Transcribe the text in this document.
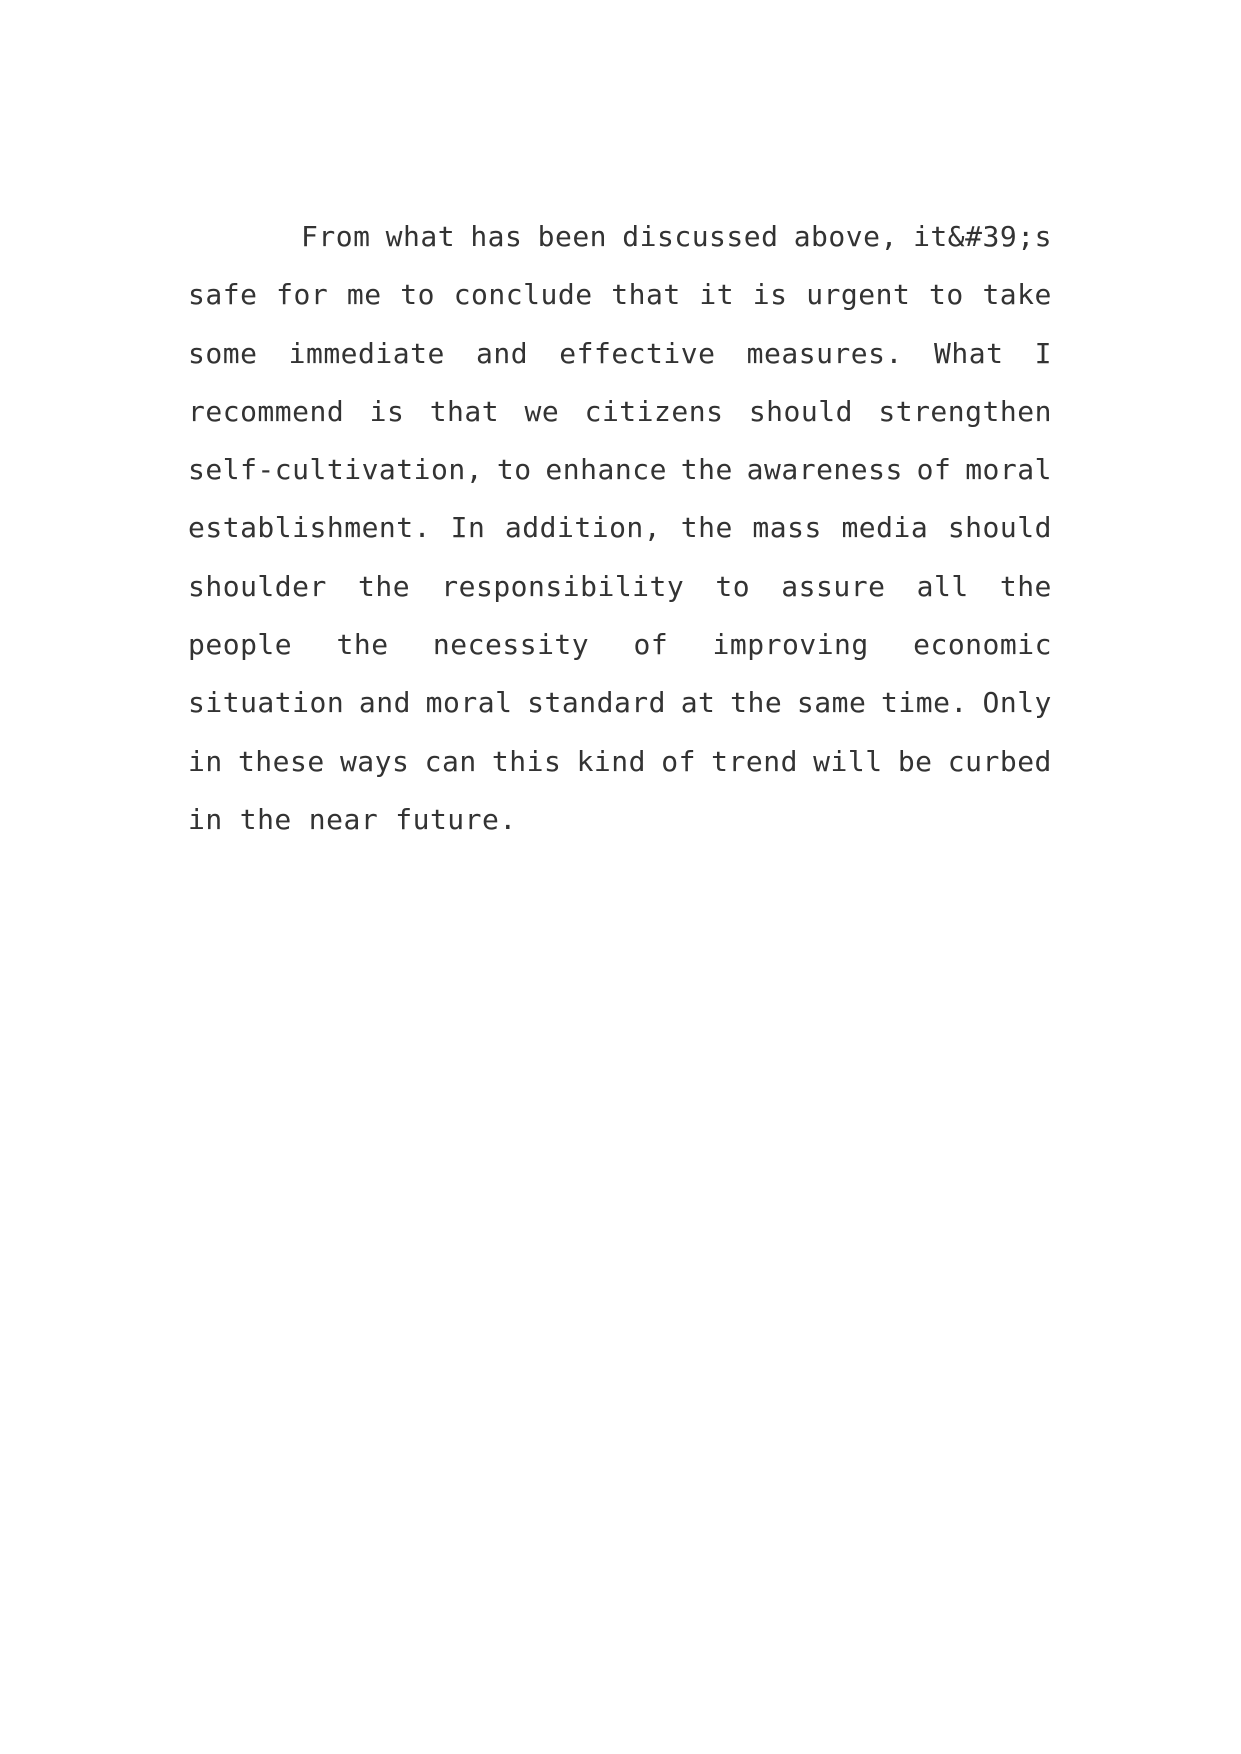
From what has been discussed above, it&#39;s
safe for me to conclude that it is urgent to take
some immediate and effective measures. What I
recommend is that we citizens should strengthen
self-cultivation, to enhance the awareness of moral
establishment. In addition, the mass media should
shoulder the responsibility to assure all the
people the necessity of improving economic
situation and moral standard at the same time. Only
in these ways can this kind of trend will be curbed
in the near future.
